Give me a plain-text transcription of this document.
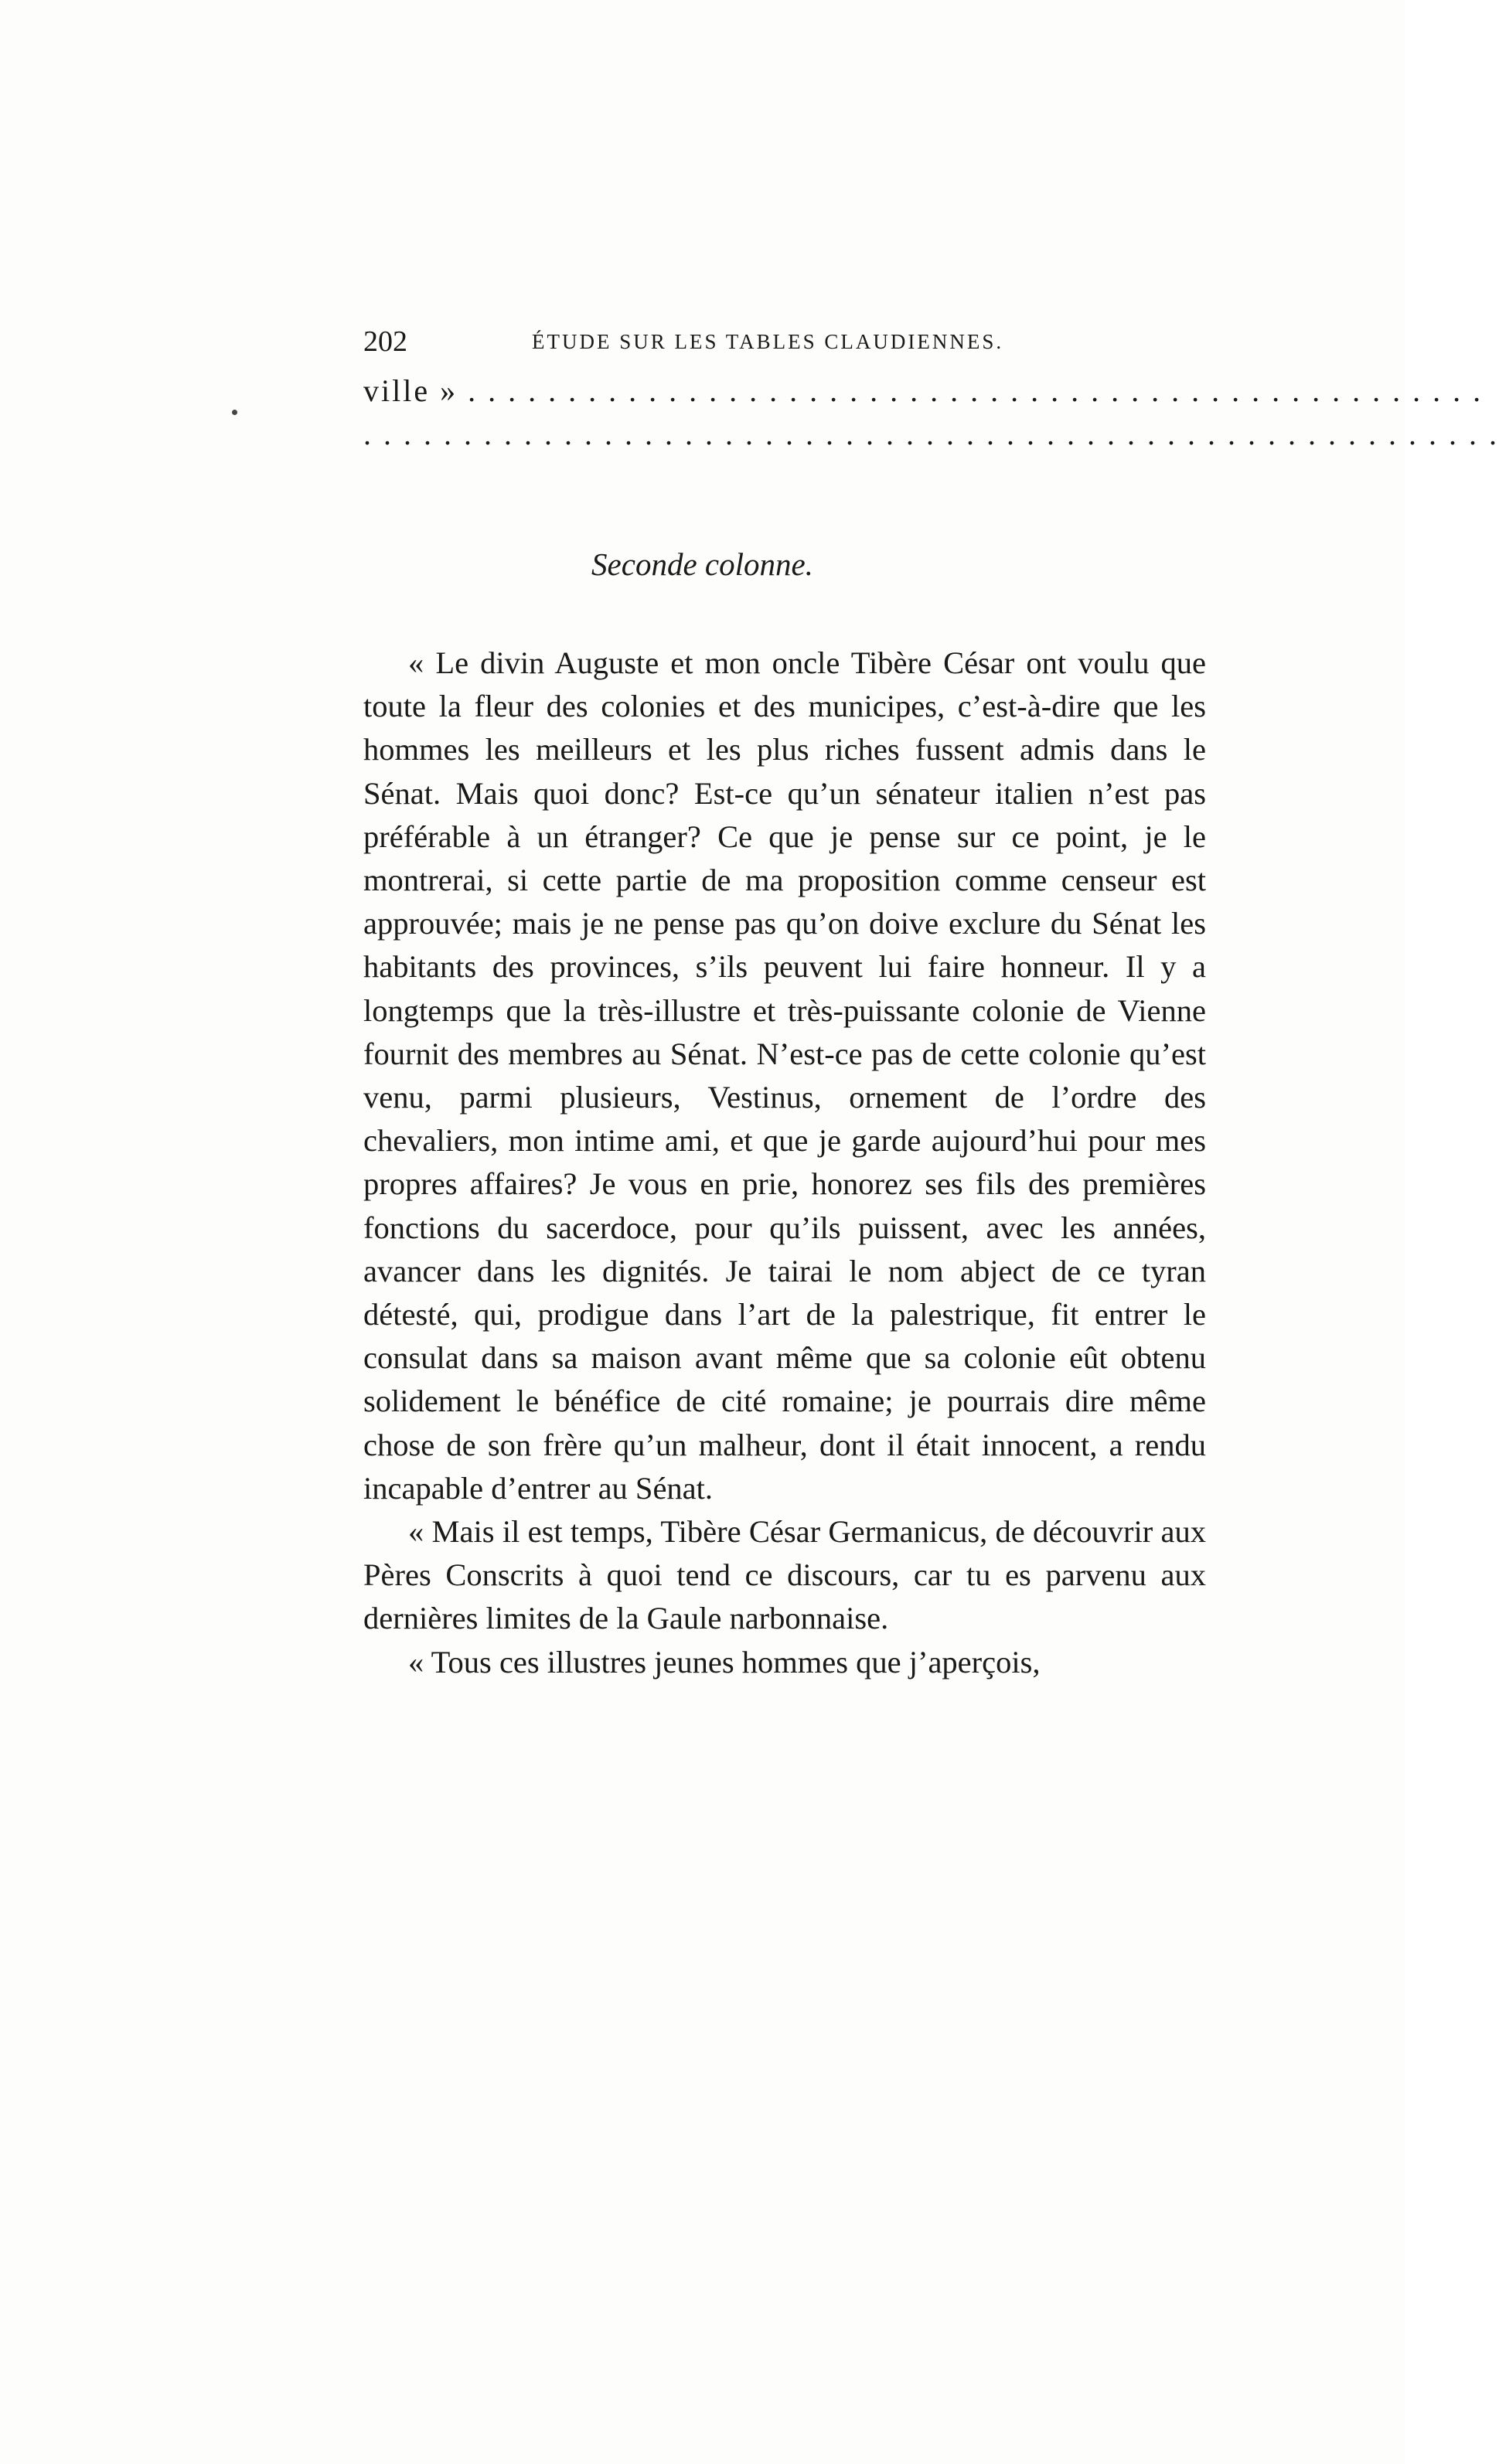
202	ÉTUDE SUR LES TABLES CLAUDIENNES.
ville » . . . . . . . . . . . . . . . . . . . . . . . . . . . . . . . . . . . . . . . . . . . . . . . . . . .
. . . . . . . . . . . . . . . . . . . . . . . . . . . . . . . . . . . . . . . . . . . . . . . . . . . . . . . . .
Seconde colonne.

« Le divin Auguste et mon oncle Tibère César ont voulu que toute la fleur des colonies et des municipes, c’est-à-dire que les hommes les meilleurs et les plus riches fussent admis dans le Sénat. Mais quoi donc? Est-ce qu’un sénateur italien n’est pas préférable à un étranger? Ce que je pense sur ce point, je le montrerai, si cette partie de ma proposition comme censeur est approuvée; mais je ne pense pas qu’on doive exclure du Sénat les habitants des provinces, s’ils peuvent lui faire honneur. Il y a longtemps que la très-illustre et très-puissante colonie de Vienne fournit des membres au Sénat. N’est-ce pas de cette colonie qu’est venu, parmi plusieurs, Vestinus, ornement de l’ordre des chevaliers, mon intime ami, et que je garde aujourd’hui pour mes propres affaires? Je vous en prie, honorez ses fils des premières fonctions du sacerdoce, pour qu’ils puissent, avec les années, avancer dans les dignités. Je tairai le nom abject de ce tyran détesté, qui, prodigue dans l’art de la palestrique, fit entrer le consulat dans sa maison avant même que sa colonie eût obtenu solidement le bénéfice de cité romaine; je pourrais dire même chose de son frère qu’un malheur, dont il était innocent, a rendu incapable d’entrer au Sénat.

« Mais il est temps, Tibère César Germanicus, de découvrir aux Pères Conscrits à quoi tend ce discours, car tu es parvenu aux dernières limites de la Gaule narbonnaise.

« Tous ces illustres jeunes hommes que j’aperçois,
